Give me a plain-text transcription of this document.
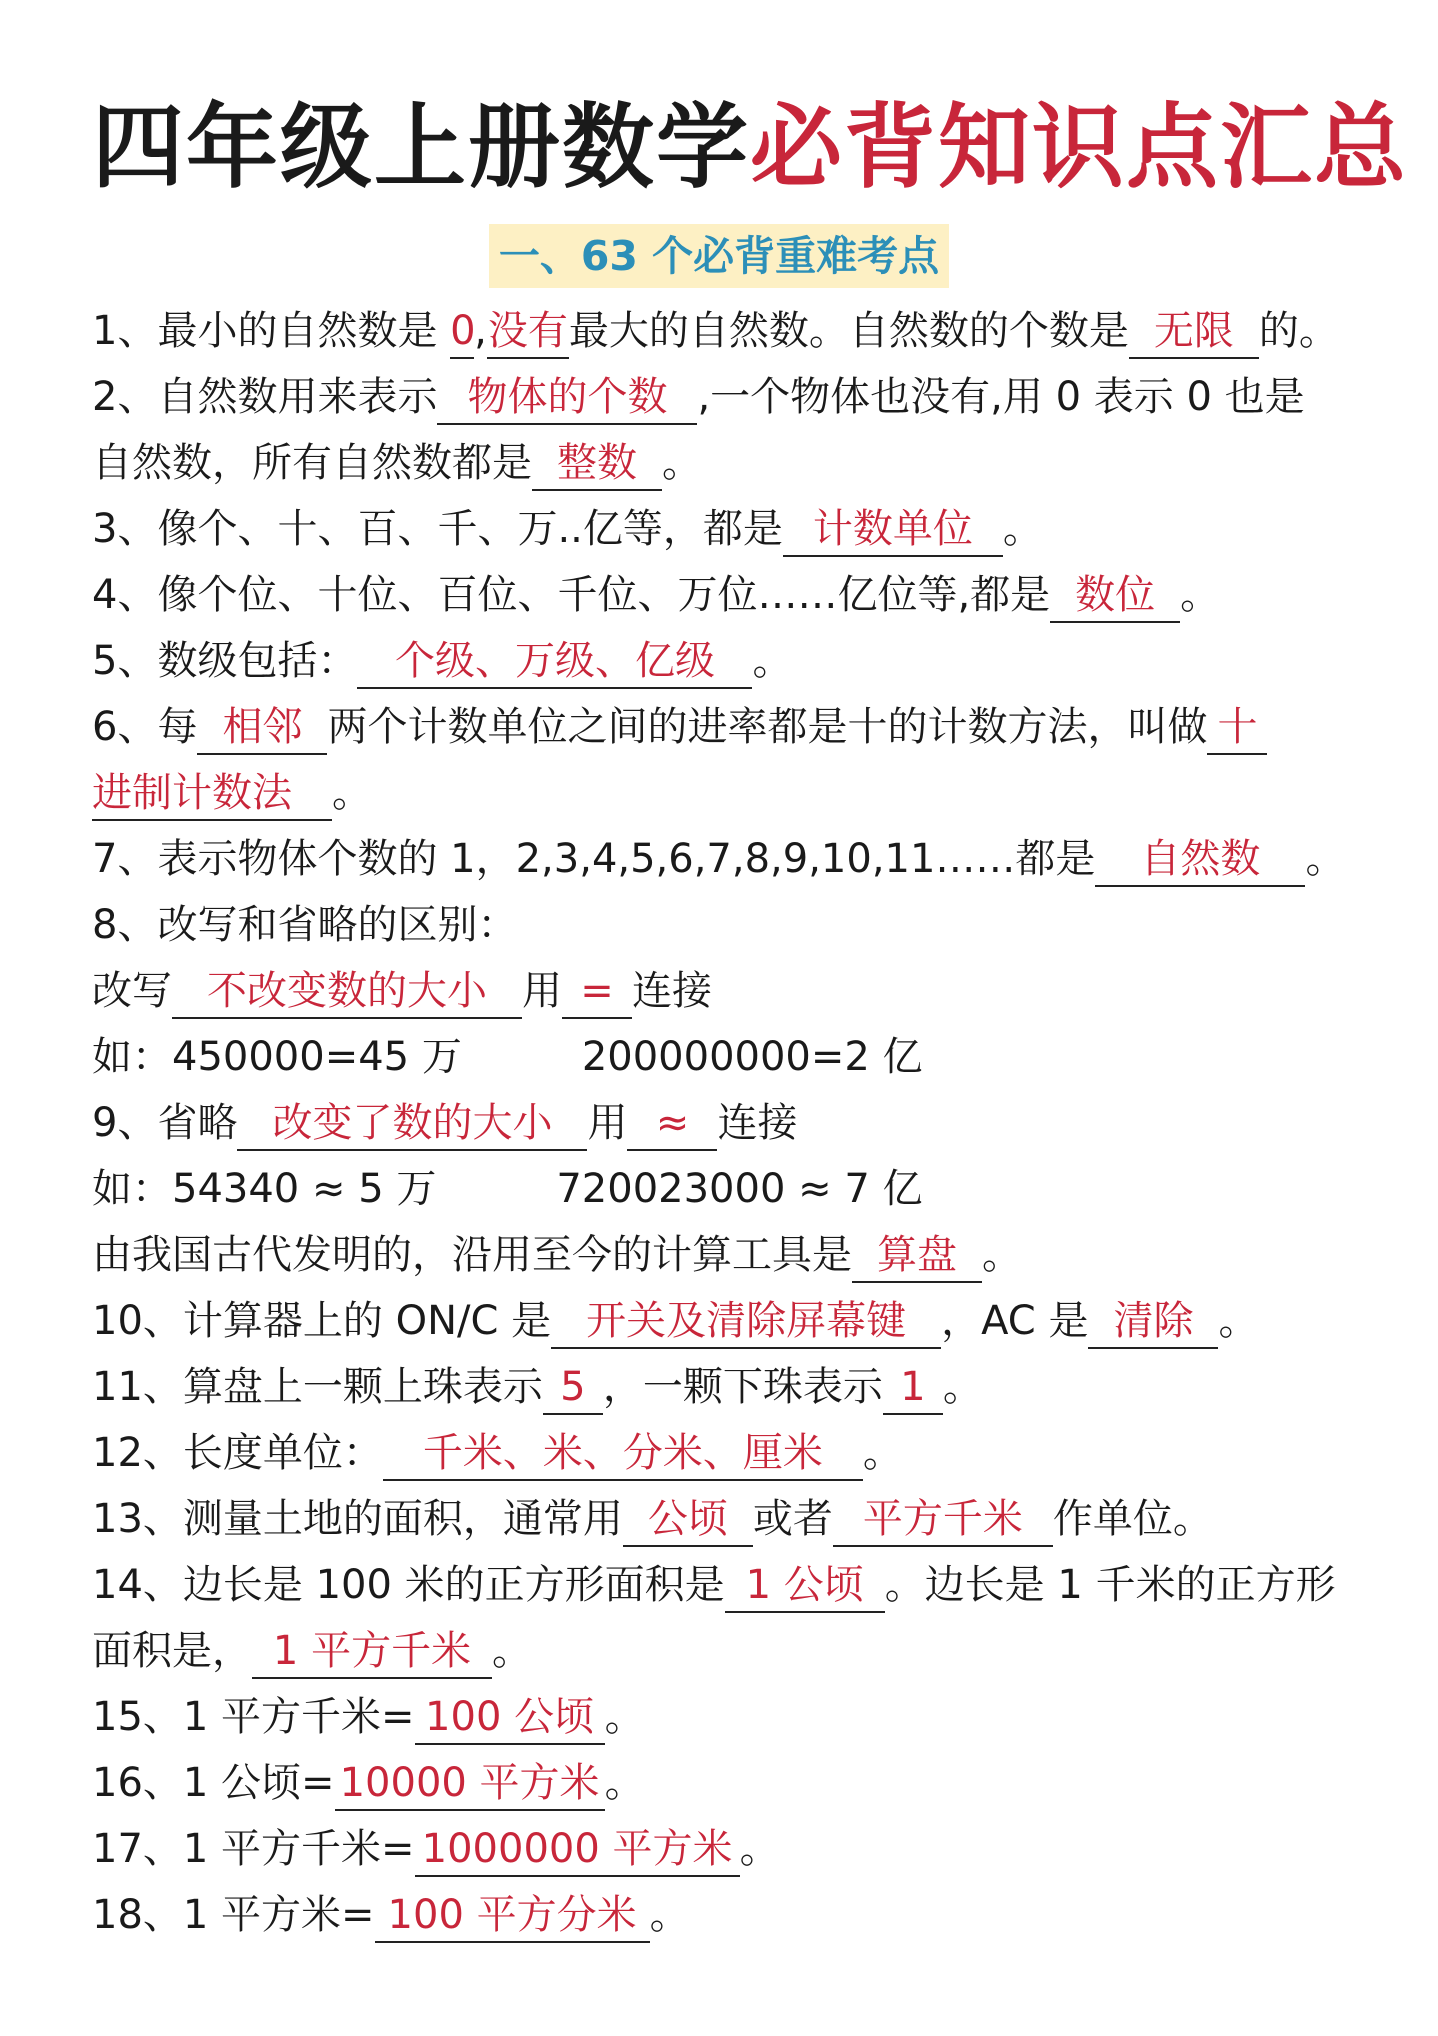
四年级上册数学必背知识点汇总
一、63 个必背重难考点
1、最小的自然数是 0,没有最大的自然数。自然数的个数是 无限 的。
2、自然数用来表示 物体的个数 ,一个物体也没有,用 0 表示 0 也是
自然数，所有自然数都是 整数 。
3、像个、十、百、千、万..亿等，都是 计数单位 。
4、像个位、十位、百位、千位、万位……亿位等,都是 数位 。
5、数级包括： 个级、万级、亿级 。
6、每 相邻 两个计数单位之间的进率都是十的计数方法，叫做 十
进制计数法 。
7、表示物体个数的 1，2,3,4,5,6,7,8,9,10,11……都是 自然数 。
8、改写和省略的区别：
改写 不改变数的大小 用 = 连接
如：450000=45 万	200000000=2 亿
9、省略 改变了数的大小 用 ≈ 连接
如：54340 ≈ 5 万	720023000 ≈ 7 亿
由我国古代发明的，沿用至今的计算工具是 算盘 。
10、计算器上的 ON/C 是 开关及清除屏幕键 ，AC 是 清除 。
11、算盘上一颗上珠表示 5 ，一颗下珠表示 1 。
12、长度单位： 千米、米、分米、厘米 。
13、测量土地的面积，通常用 公顷 或者 平方千米 作单位。
14、边长是 100 米的正方形面积是 1 公顷 。边长是 1 千米的正方形
面积是， 1 平方千米 。
15、1 平方千米= 100 公顷 。
16、1 公顷= 10000 平方米 。
17、1 平方千米= 1000000 平方米 。
18、1 平方米= 100 平方分米 。
